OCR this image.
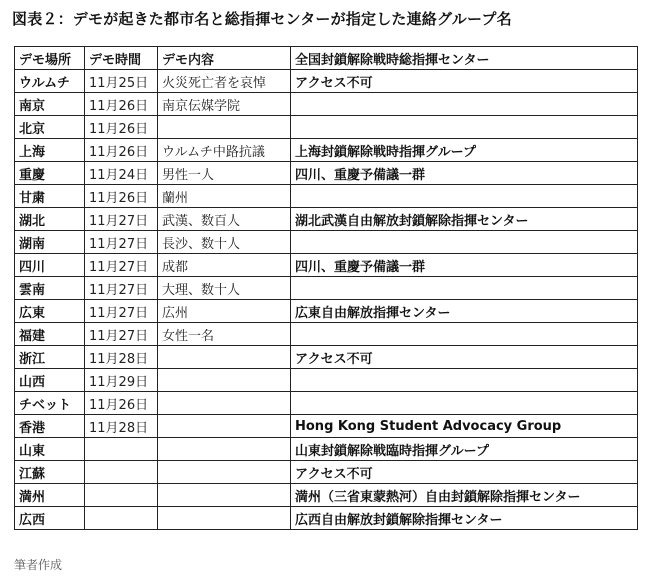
図表２：デモが起きた都市名と総指揮センターが指定した連絡グループ名
デモ場所	デモ時間	デモ内容	全国封鎖解除戦時総指揮センター
ウルムチ	11月25日	火災死亡者を哀悼	アクセス不可
南京	11月26日	南京伝媒学院	
北京	11月26日		
上海	11月26日	ウルムチ中路抗議	上海封鎖解除戦時指揮グループ
重慶	11月24日	男性一人	四川、重慶予備議一群
甘粛	11月26日	蘭州	
湖北	11月27日	武漢、数百人	湖北武漢自由解放封鎖解除指揮センター
湖南	11月27日	長沙、数十人	
四川	11月27日	成都	四川、重慶予備議一群
雲南	11月27日	大理、数十人	
広東	11月27日	広州	広東自由解放指揮センター
福建	11月27日	女性一名	
浙江	11月28日		アクセス不可
山西	11月29日		
チベット	11月26日		
香港	11月28日		Hong Kong Student Advocacy Group
山東			山東封鎖解除戦臨時指揮グループ
江蘇			アクセス不可
満州			満州（三省東蒙熱河）自由封鎖解除指揮センター
広西			広西自由解放封鎖解除指揮センター
筆者作成
